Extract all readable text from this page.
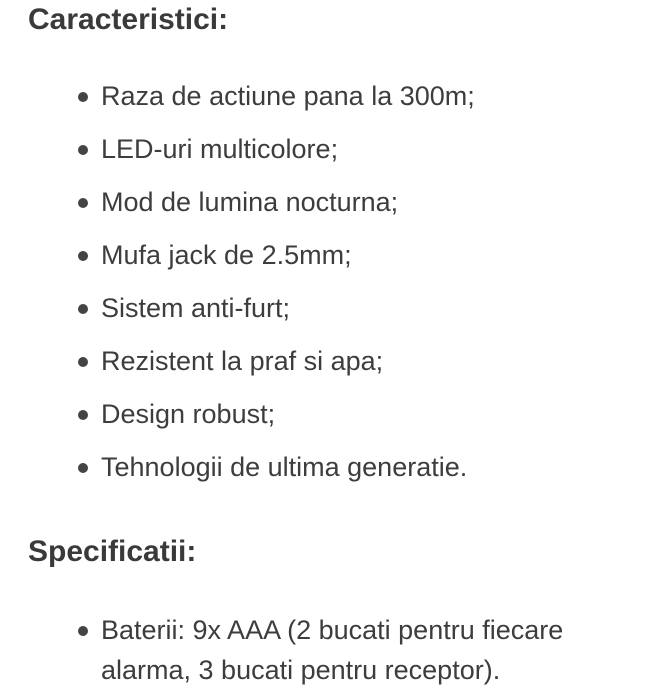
Caracteristici:
Raza de actiune pana la 300m;
LED-uri multicolore;
Mod de lumina nocturna;
Mufa jack de 2.5mm;
Sistem anti-furt;
Rezistent la praf si apa;
Design robust;
Tehnologii de ultima generatie.
Specificatii:
Baterii: 9x AAA (2 bucati pentru fiecare
alarma, 3 bucati pentru receptor).
